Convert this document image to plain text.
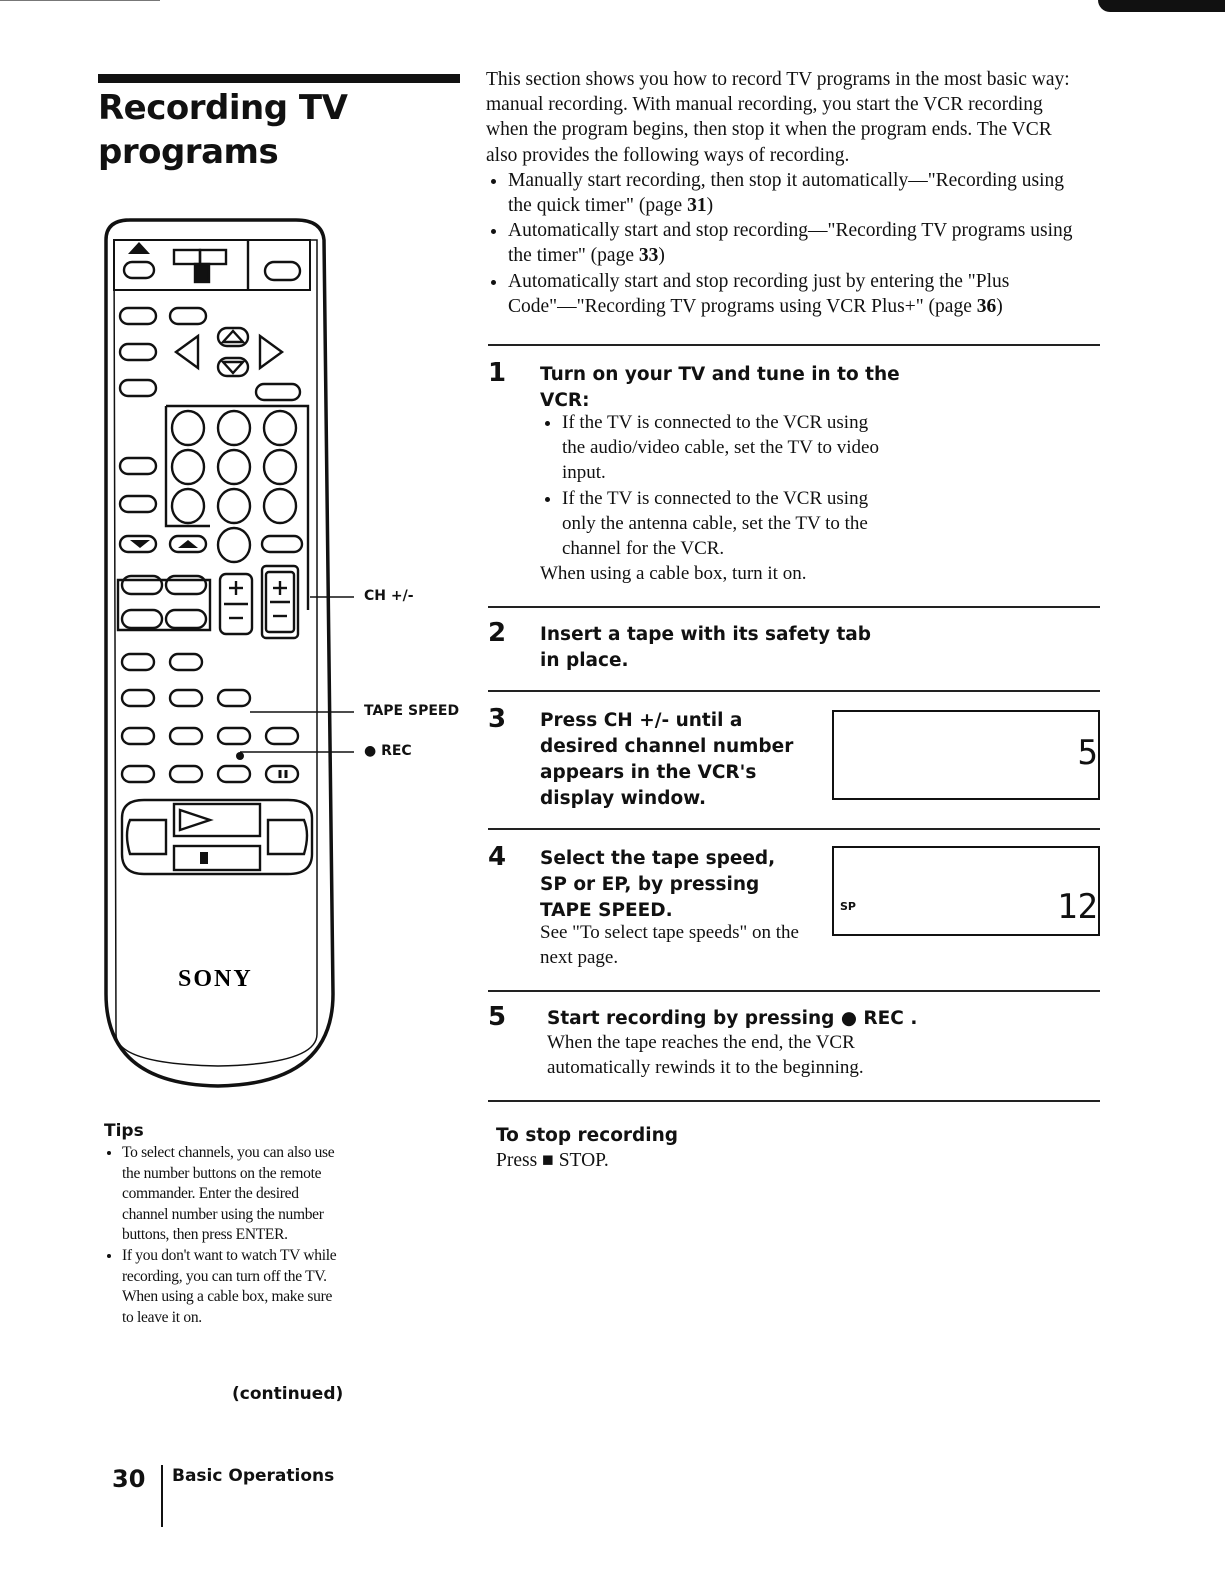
Recording TV programs
SONY
CH +/-
TAPE SPEED
● REC
Tips
• To select channels, you can also use the number buttons on the remote commander. Enter the desired channel number using the number buttons, then press ENTER.
• If you don't want to watch TV while recording, you can turn off the TV. When using a cable box, make sure to leave it on.
(continued)
30 Basic Operations

This section shows you how to record TV programs in the most basic way: manual recording. With manual recording, you start the VCR recording when the program begins, then stop it when the program ends. The VCR also provides the following ways of recording.

• Manually start recording, then stop it automatically—"Recording using the quick timer" (page 31)
• Automatically start and stop recording—"Recording TV programs using the timer" (page 33)
• Automatically start and stop recording just by entering the "Plus Code"—"Recording TV programs using VCR Plus+" (page 36)
1 Turn on your TV and tune in to the VCR:
• If the TV is connected to the VCR using the audio/video cable, set the TV to video input.
• If the TV is connected to the VCR using only the antenna cable, set the TV to the channel for the VCR.
When using a cable box, turn it on.
2 Insert a tape with its safety tab in place.
3 Press CH +/- until a desired channel number appears in the VCR's display window.
5
4 Select the tape speed, SP or EP, by pressing TAPE SPEED.
See "To select tape speeds" on the next page.
SP	12
5 Start recording by pressing ● REC .
When the tape reaches the end, the VCR automatically rewinds it to the beginning.
To stop recording
Press ■ STOP.
